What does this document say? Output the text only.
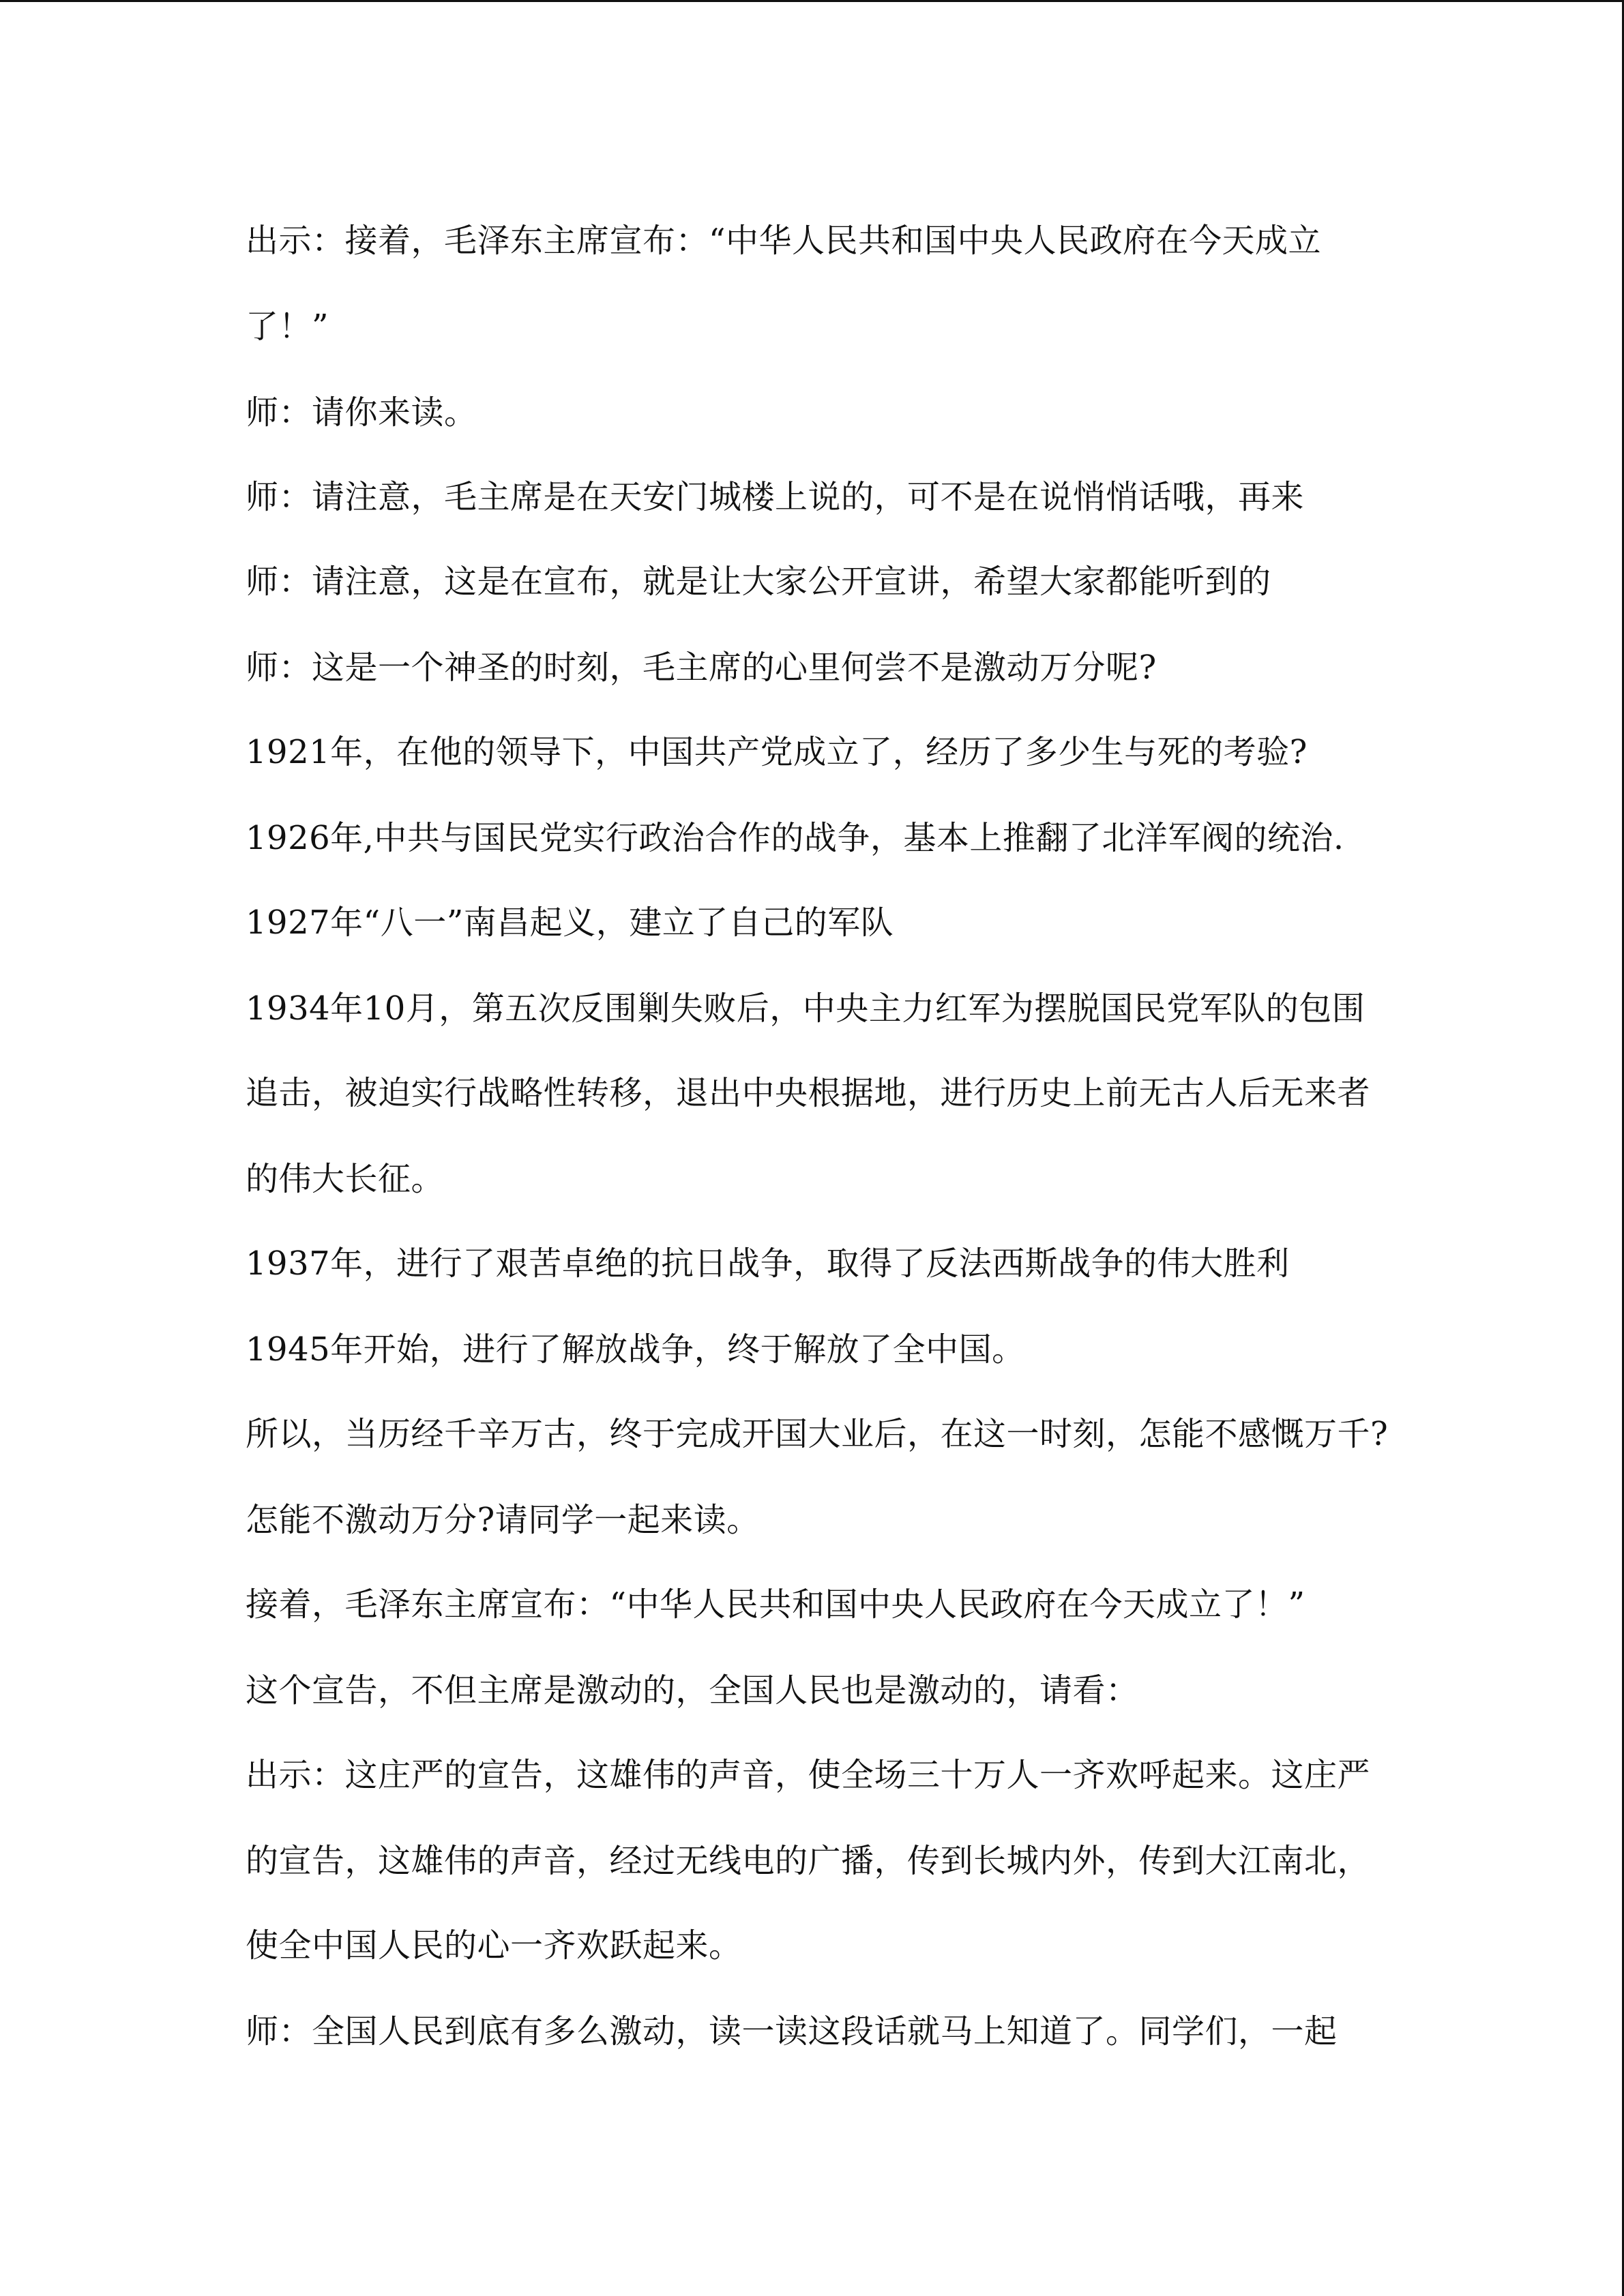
出示：接着，毛泽东主席宣布：“中华人民共和国中央人民政府在今天成立
了！”
师：请你来读。
师：请注意，毛主席是在天安门城楼上说的，可不是在说悄悄话哦，再来
师：请注意，这是在宣布，就是让大家公开宣讲，希望大家都能听到的
师：这是一个神圣的时刻，毛主席的心里何尝不是激动万分呢?
1921年，在他的领导下，中国共产党成立了，经历了多少生与死的考验?
1926年,中共与国民党实行政治合作的战争，基本上推翻了北洋军阀的统治.
1927年“八一”南昌起义，建立了自己的军队
1934年10月，第五次反围剿失败后，中央主力红军为摆脱国民党军队的包围
追击，被迫实行战略性转移，退出中央根据地，进行历史上前无古人后无来者
的伟大长征。
1937年，进行了艰苦卓绝的抗日战争，取得了反法西斯战争的伟大胜利
1945年开始，进行了解放战争，终于解放了全中国。
所以，当历经千辛万古，终于完成开国大业后，在这一时刻，怎能不感慨万千?
怎能不激动万分?请同学一起来读。
接着，毛泽东主席宣布：“中华人民共和国中央人民政府在今天成立了！”
这个宣告，不但主席是激动的，全国人民也是激动的，请看：
出示：这庄严的宣告，这雄伟的声音，使全场三十万人一齐欢呼起来。这庄严
的宣告，这雄伟的声音，经过无线电的广播，传到长城内外，传到大江南北，
使全中国人民的心一齐欢跃起来。
师：全国人民到底有多么激动，读一读这段话就马上知道了。同学们，一起
